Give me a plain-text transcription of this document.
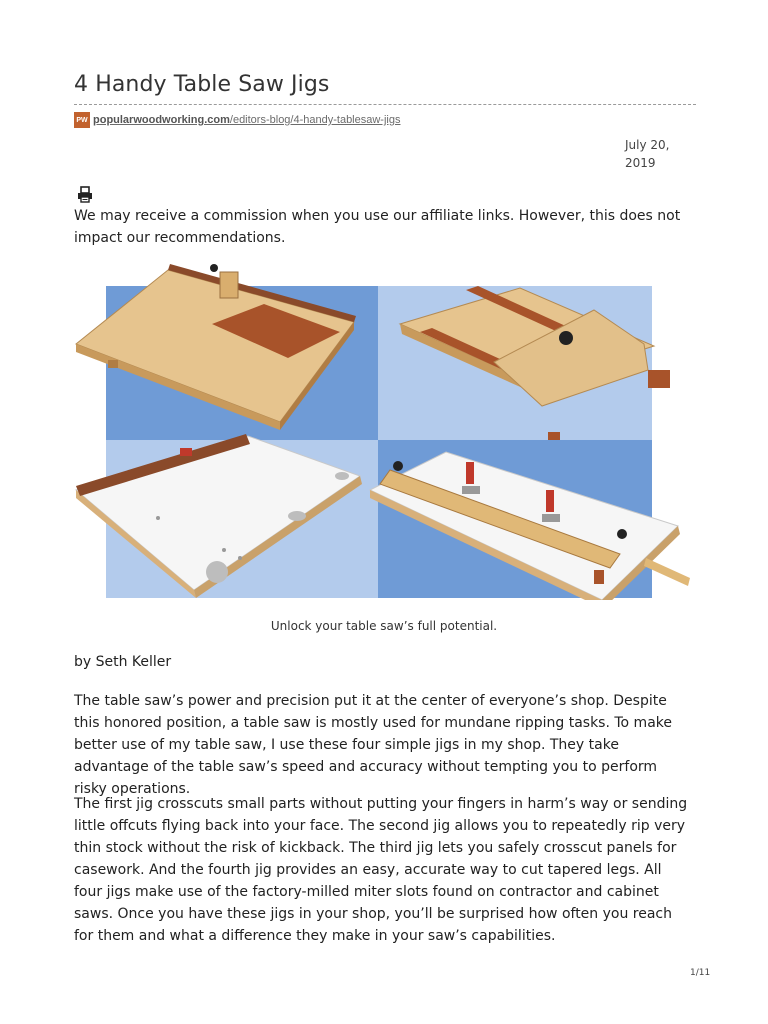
4 Handy Table Saw Jigs
PW popularwoodworking.com/editors-blog/4-handy-tablesaw-jigs
July 20,
2019

We may receive a commission when you use our affiliate links. However, this does not impact our recommendations.

Unlock your table saw’s full potential.

by Seth Keller

The table saw’s power and precision put it at the center of everyone’s shop. Despite this honored position, a table saw is mostly used for mundane ripping tasks. To make better use of my table saw, I use these four simple jigs in my shop. They take advantage of the table saw’s speed and accuracy without tempting you to perform risky operations.

The first jig crosscuts small parts without putting your fingers in harm’s way or sending little offcuts flying back into your face. The second jig allows you to repeatedly rip very thin stock without the risk of kickback. The third jig lets you safely crosscut panels for casework. And the fourth jig provides an easy, accurate way to cut tapered legs. All four jigs make use of the factory-milled miter slots found on contractor and cabinet saws. Once you have these jigs in your shop, you’ll be surprised how often you reach for them and what a difference they make in your saw’s capabilities.

1/11
